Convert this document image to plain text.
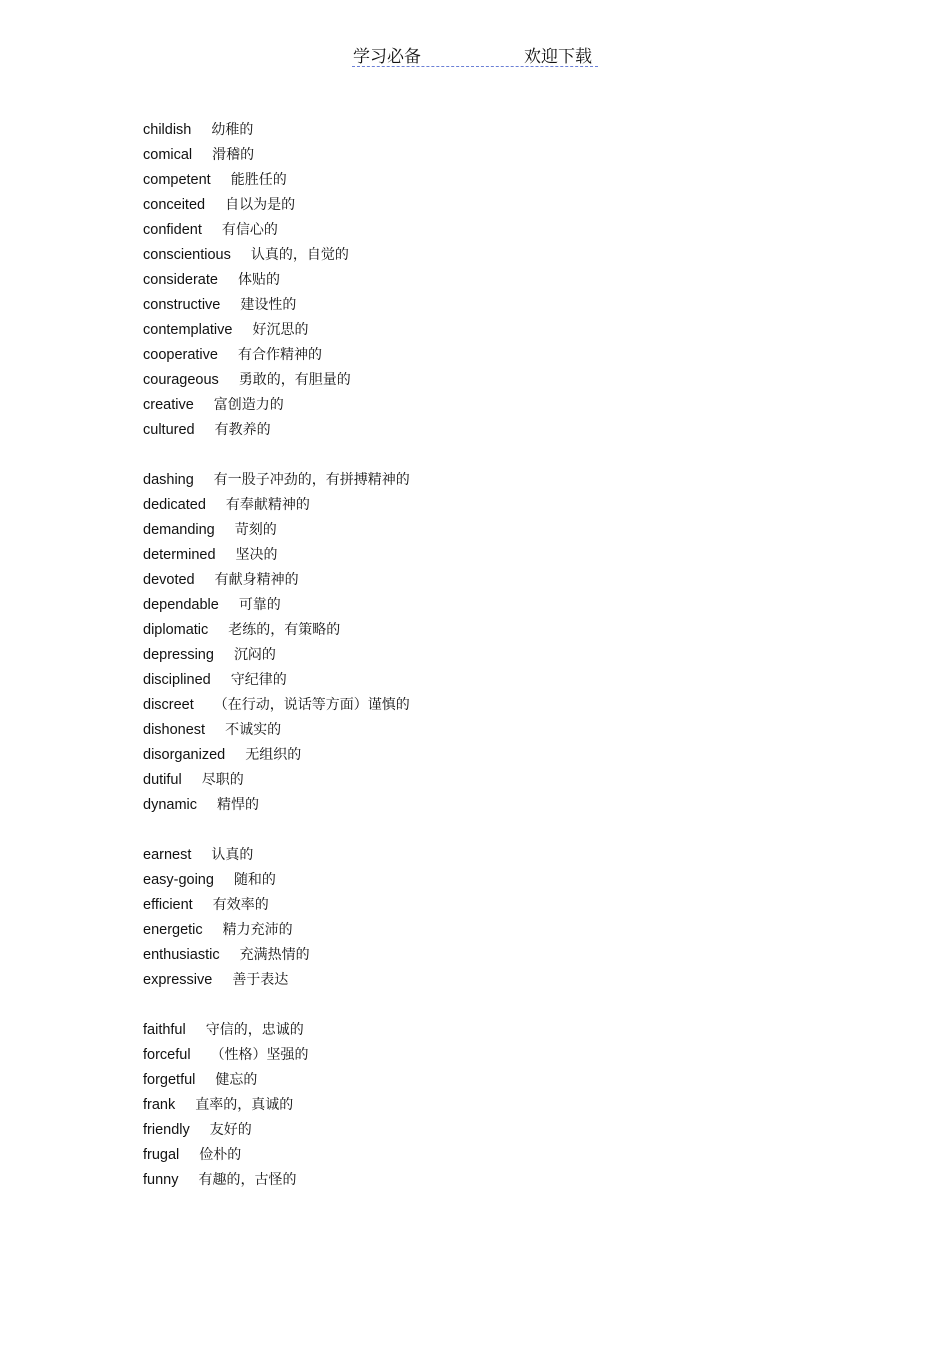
学习必备	欢迎下载
childish 幼稚的
comical 滑稽的
competent 能胜任的
conceited 自以为是的
confident 有信心的
conscientious 认真的，自觉的
considerate 体贴的
constructive 建设性的
contemplative 好沉思的
cooperative 有合作精神的
courageous 勇敢的，有胆量的
creative 富创造力的
cultured 有教养的
dashing 有一股子冲劲的，有拼搏精神的
dedicated 有奉献精神的
demanding 苛刻的
determined 坚决的
devoted 有献身精神的
dependable 可靠的
diplomatic 老练的，有策略的
depressing 沉闷的
disciplined 守纪律的
discreet （在行动，说话等方面）谨慎的
dishonest 不诚实的
disorganized 无组织的
dutiful 尽职的
dynamic 精悍的
earnest 认真的
easy-going 随和的
efficient 有效率的
energetic 精力充沛的
enthusiastic 充满热情的
expressive 善于表达
faithful 守信的，忠诚的
forceful （性格）坚强的
forgetful 健忘的
frank 直率的，真诚的
friendly 友好的
frugal 俭朴的
funny 有趣的，古怪的
